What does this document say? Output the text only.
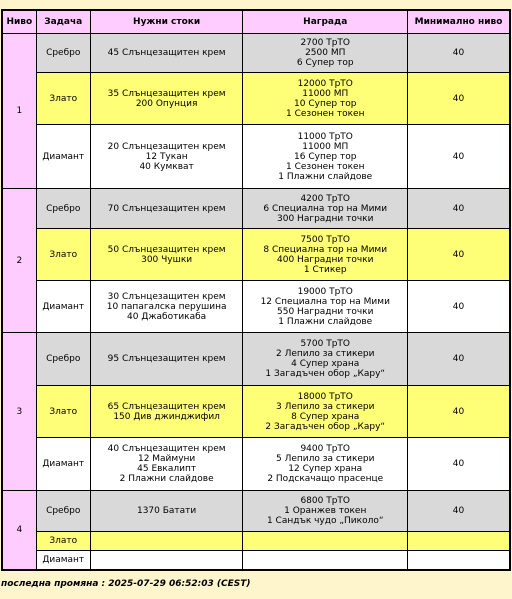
Ниво	Задача	Нужни стоки	Награда	Минимално ниво
1	Сребро	45 Слънцезащитен крем	2700 ТрТО
2500 МП
6 Супер тор	40
	Злато	35 Слънцезащитен крем
200 Опунция	12000 ТрТО
11000 МП
10 Супер тор
1 Сезонен токен	40
	Диамант	20 Слънцезащитен крем
12 Тукан
40 Кумкват	11000 ТрТО
11000 МП
16 Супер тор
1 Сезонен токен
1 Плажни слайдове	40
2	Сребро	70 Слънцезащитен крем	4200 ТрТО
6 Специална тор на Мими
300 Наградни точки	40
	Злато	50 Слънцезащитен крем
300 Чушки	7500 ТрТО
8 Специална тор на Мими
400 Наградни точки
1 Стикер	40
	Диамант	30 Слънцезащитен крем
10 папагалска перушина
40 Джаботикаба	19000 ТрТО
12 Специална тор на Мими
550 Наградни точки
1 Плажни слайдове	40
3	Сребро	95 Слънцезащитен крем	5700 ТрТО
2 Лепило за стикери
4 Супер храна
1 Загадъчен обор „Кару“	40
	Злато	65 Слънцезащитен крем
150 Див джинджифил	18000 ТрТО
3 Лепило за стикери
8 Супер храна
2 Загадъчен обор „Кару“	40
	Диамант	40 Слънцезащитен крем
12 Маймуни
45 Евкалипт
2 Плажни слайдове	9400 ТрТО
5 Лепило за стикери
12 Супер храна
2 Подскачащо прасенце	40
4	Сребро	1370 Батати	6800 ТрТО
1 Оранжев токен
1 Сандък чудо „Пиколо“	40
	Злато			
	Диамант			
последна промяна : 2025-07-29 06:52:03 (CEST)
